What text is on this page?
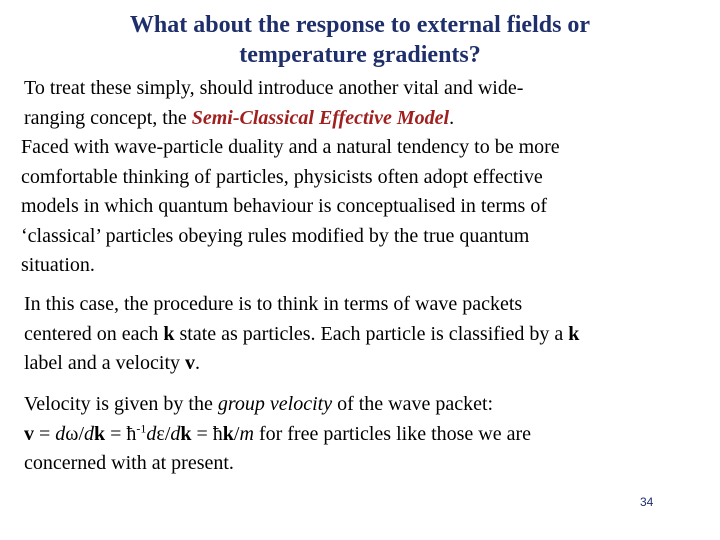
What about the response to external fields or
temperature gradients?
To treat these simply, should introduce another vital and wide-
ranging concept, the Semi-Classical Effective Model.
Faced with wave-particle duality and a natural tendency to be more
comfortable thinking of particles, physicists often adopt effective
models in which quantum behaviour is conceptualised in terms of
‘classical’ particles obeying rules modified by the true quantum
situation.
In this case, the procedure is to think in terms of wave packets
centered on each k state as particles. Each particle is classified by a k
label and a velocity v.
Velocity is given by the group velocity of the wave packet:
$v = d\omega/dk = ħ^{-1}d\varepsilon/dk$ = ħk/m for free particles like those we are
concerned with at present.
34
